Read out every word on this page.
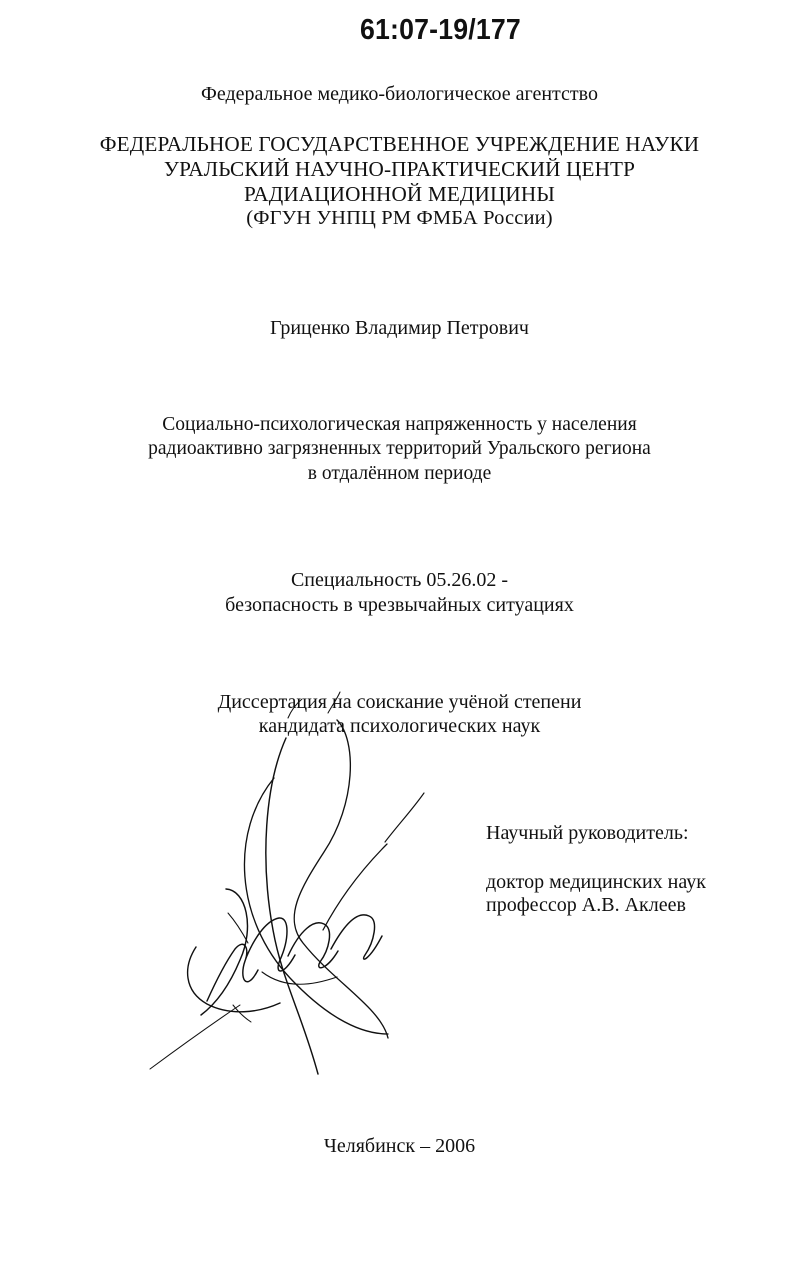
61:07-19/177
Федеральное медико-биологическое агентство
ФЕДЕРАЛЬНОЕ ГОСУДАРСТВЕННОЕ УЧРЕЖДЕНИЕ НАУКИ
УРАЛЬСКИЙ НАУЧНО-ПРАКТИЧЕСКИЙ ЦЕНТР
РАДИАЦИОННОЙ МЕДИЦИНЫ
(ФГУН УНПЦ РМ ФМБА России)
Гриценко Владимир Петрович
Социально-психологическая напряженность у населения
радиоактивно загрязненных территорий Уральского региона
в отдалённом периоде
Специальность 05.26.02 -
безопасность в чрезвычайных ситуациях
Диссертация на соискание учёной степени
кандидата психологических наук
Научный руководитель:
доктор медицинских наук
профессор А.В. Аклеев
Челябинск – 2006
